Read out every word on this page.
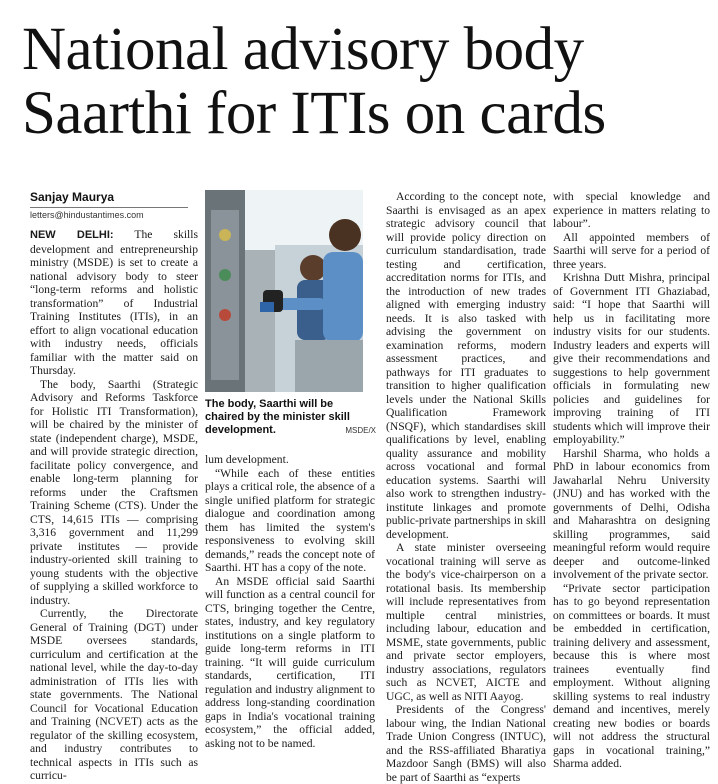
National advisory body
Saarthi for ITIs on cards
Sanjay Maurya
letters@hindustantimes.com

NEW DELHI: The skills development and entrepreneurship ministry (MSDE) is set to create a national advisory body to steer “long-term reforms and holistic transformation” of Industrial Training Institutes (ITIs), in an effort to align vocational education with industry needs, officials familiar with the matter said on Thursday.

The body, Saarthi (Strategic Advisory and Reforms Taskforce for Holistic ITI Transformation), will be chaired by the minister of state (independent charge), MSDE, and will provide strategic direction, facilitate policy convergence, and enable long-term planning for reforms under the Craftsmen Training Scheme (CTS). Under the CTS, 14,615 ITIs — comprising 3,316 government and 11,299 private institutes — provide industry-oriented skill training to young students with the objective of supplying a skilled workforce to industry.

Currently, the Directorate General of Training (DGT) under MSDE oversees standards, curriculum and certification at the national level, while the day-to-day administration of ITIs lies with state governments. The National Council for Vocational Education and Training (NCVET) acts as the regulator of the skilling ecosystem, and industry contributes to technical aspects in ITIs such as curricu-

The body, Saarthi will be chaired by the minister skill development.	MSDE/X

lum development.

“While each of these entities plays a critical role, the absence of a single unified platform for strategic dialogue and coordination among them has limited the system's responsiveness to evolving skill demands,” reads the concept note of Saarthi. HT has a copy of the note.

An MSDE official said Saarthi will function as a central council for CTS, bringing together the Centre, states, industry, and key regulatory institutions on a single platform to guide long-term reforms in ITI training. “It will guide curriculum standards, certification, ITI regulation and industry alignment to address long-standing coordination gaps in India's vocational training ecosystem,” the official added, asking not to be named.

According to the concept note, Saarthi is envisaged as an apex strategic advisory council that will provide policy direction on curriculum standardisation, trade testing and certification, accreditation norms for ITIs, and the introduction of new trades aligned with emerging industry needs. It is also tasked with advising the government on examination reforms, modern assessment practices, and pathways for ITI graduates to transition to higher qualification levels under the National Skills Qualification Framework (NSQF), which standardises skill qualifications by level, enabling quality assurance and mobility across vocational and formal education systems. Saarthi will also work to strengthen industry-institute linkages and promote public-private partnerships in skill development.

A state minister overseeing vocational training will serve as the body's vice-chairperson on a rotational basis. Its membership will include representatives from multiple central ministries, including labour, education and MSME, state governments, public and private sector employers, industry associations, regulators such as NCVET, AICTE and UGC, as well as NITI Aayog.

Presidents of the Congress' labour wing, the Indian National Trade Union Congress (INTUC), and the RSS-affiliated Bharatiya Mazdoor Sangh (BMS) will also be part of Saarthi as “experts

with special knowledge and experience in matters relating to labour”.

All appointed members of Saarthi will serve for a period of three years.

Krishna Dutt Mishra, principal of Government ITI Ghaziabad, said: “I hope that Saarthi will help us in facilitating more industry visits for our students. Industry leaders and experts will give their recommendations and suggestions to help government officials in formulating new policies and guidelines for improving training of ITI students which will improve their employability.”

Harshil Sharma, who holds a PhD in labour economics from Jawaharlal Nehru University (JNU) and has worked with the governments of Delhi, Odisha and Maharashtra on designing skilling programmes, said meaningful reform would require deeper and outcome-linked involvement of the private sector.

“Private sector participation has to go beyond representation on committees or boards. It must be embedded in certification, training delivery and assessment, because this is where most trainees eventually find employment. Without aligning skilling systems to real industry demand and incentives, merely creating new bodies or boards will not address the structural gaps in vocational training,” Sharma added.
